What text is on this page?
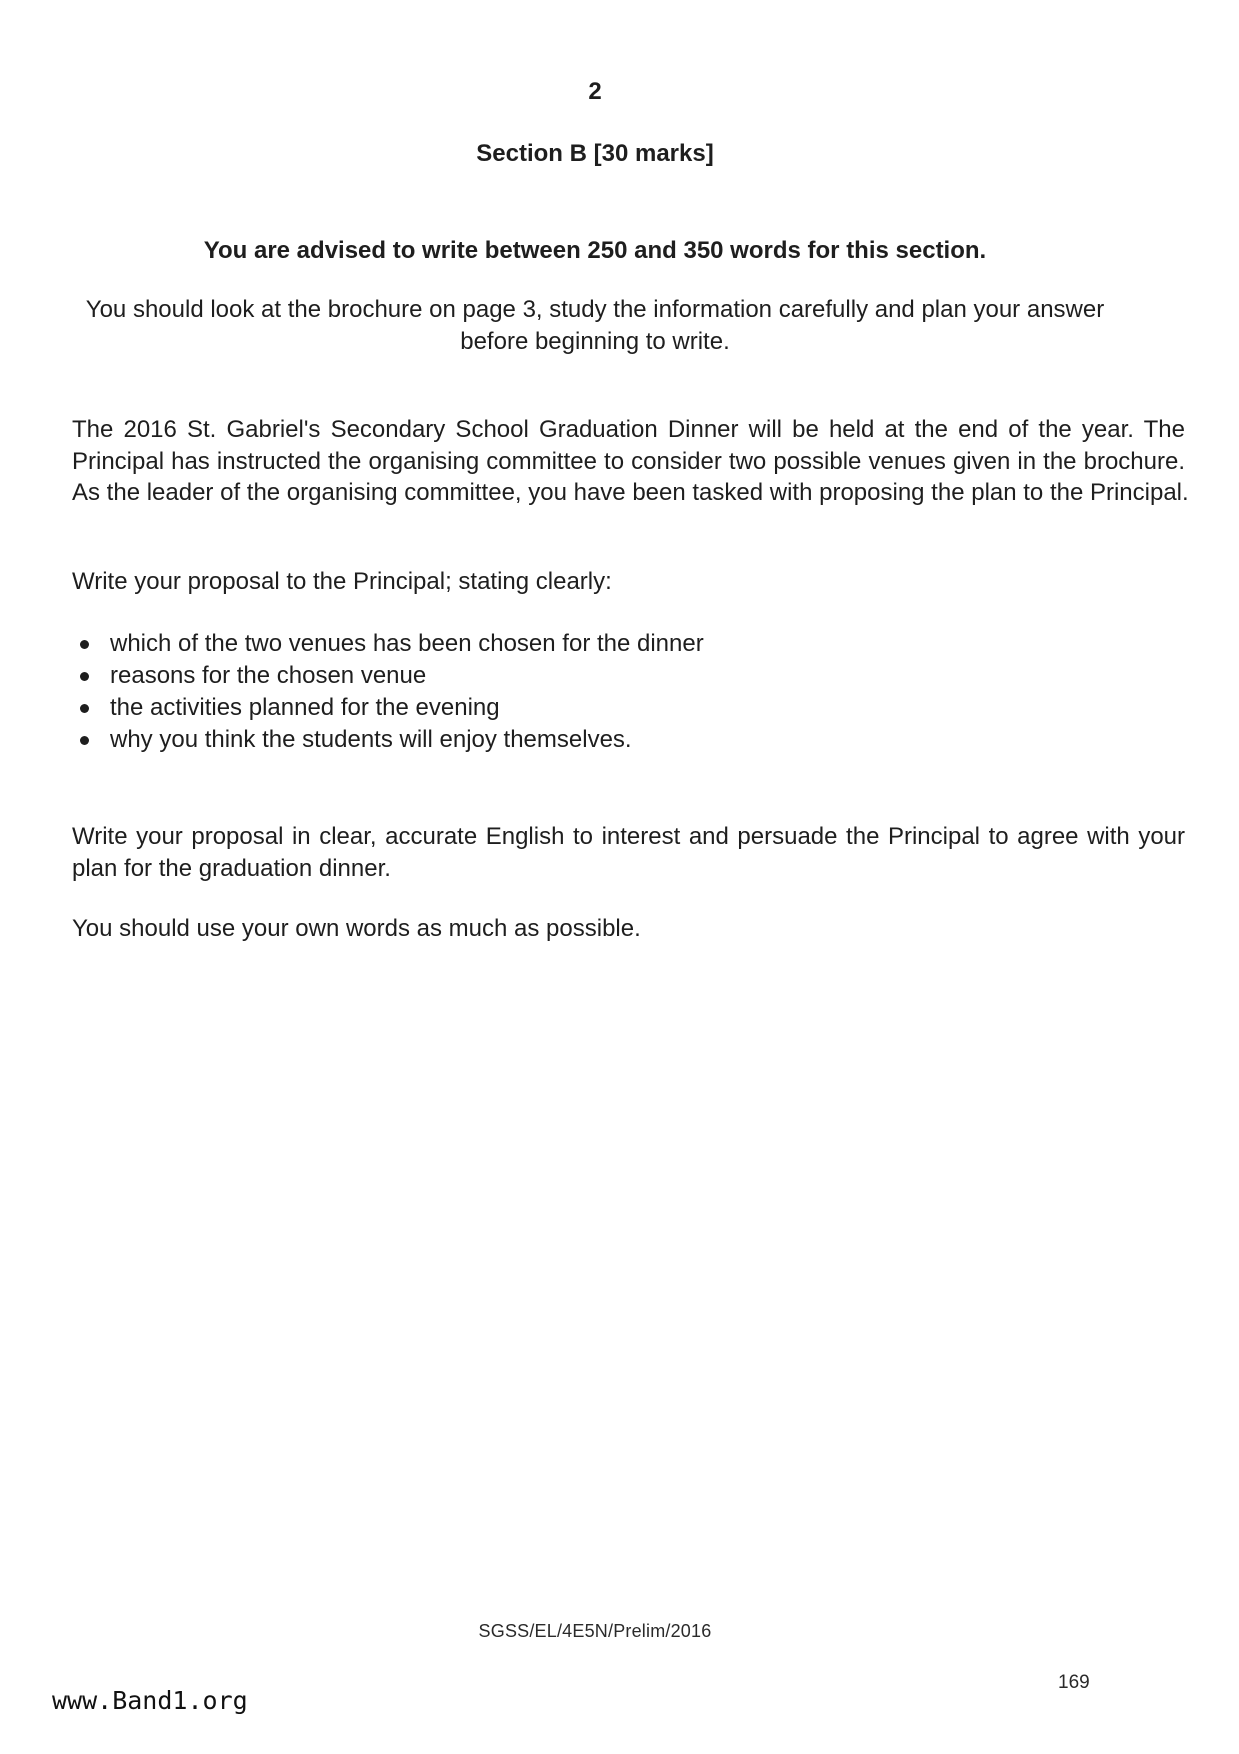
2
Section B [30 marks]
You are advised to write between 250 and 350 words for this section.
You should look at the brochure on page 3, study the information carefully and plan your answer
before beginning to write.
The 2016 St. Gabriel's Secondary School Graduation Dinner will be held at the end of the year. The
Principal has instructed the organising committee to consider two possible venues given in the brochure.
As the leader of the organising committee, you have been tasked with proposing the plan to the Principal.
Write your proposal to the Principal; stating clearly:
which of the two venues has been chosen for the dinner
reasons for the chosen venue
the activities planned for the evening
why you think the students will enjoy themselves.
Write your proposal in clear, accurate English to interest and persuade the Principal to agree with your
plan for the graduation dinner.
You should use your own words as much as possible.
SGSS/EL/4E5N/Prelim/2016
169
www.Band1.org
